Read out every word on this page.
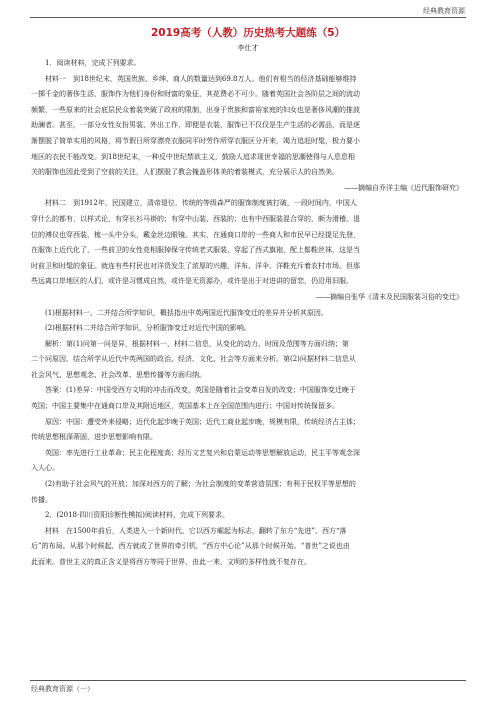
经典教育资源
2019高考（人教）历史热考大题练（5）
李仕才

1．阅读材料，完成下列要求。

材料一　到18世纪末，英国贵族、乡绅、商人的数量达到69.8万人。他们有相当的经济基础能够维持

一掷千金的奢侈生活，服饰作为他们身份和财富的象征，其花费必不可少。随着英国社会各阶层之间的流动

频繁，一些原来的社会底层民众着装突破了政府的限制，出身于贵族和富裕家庭的妇女也是奢侈风潮的推波

助澜者。甚至，一部分女性女扮男装，外出工作，即便是衣装，服饰已不仅仅是生产生活的必需品，而是逐

渐摆脱了简单实用的风格，将节假日所穿漂亮衣服同平时劳作所穿衣服区分开来，竭力追赶时髦，极力要小

地区的衣民不能改变。到18世纪末，一种反中世纪禁欲主义，鼓励人追求现世幸福的思潮使得与人息息相

关的服饰也因此受到了空前的关注，人们摆脱了教会掩盖形体美的着装模式，充分展示人的自然美。

——摘编自乔洋主编《近代服饰研究》

材料二　到1912年，民国建立，清帝退位，传统的等级森严的服饰制度被打破，一段时间内，中国人

穿什么的都有，以样式论，有穿长衫马褂的；有穿中山装、西装的；也有中西服装混合穿的，颇为滑稽。退

位的溥仪也穿西装，梳一头中分头，戴金丝边眼镜。其实，在通商口岸的一些商人和市民早已经提足先登，

在服饰上近代化了，一些前卫的女性竞相服掉保守传统老式服装，穿起了西式旗袍，配上鬃鞋丝袜，这是当

时前卫和时髦的象征。就连有些村民也对洋货发生了浓厚的兴趣，洋布、洋伞、洋鞋充斥着农村市场。但那

些远离口岸地区的人们，或许是习惯成自然，或许是无资源办，或许是出于对进讲的留恋，仍沿用旧服。

——摘编自张华《清末及民国服装习俗的变迁》

(1)根据材料一、二并结合所学知识，概括指出中英两国近代服饰变迁的差异并分析其原因。

(2)根据材料二并结合所学知识，分析服饰变迁对近代中国的影响。

解析：第(1)问第一问是异，根据材料一、材料二信息，从变化的动力、时间及范围等方面归纳；第

二个问原因，结合所学从近代中英两国的政治、经济、文化、社会等方面来分析。第(2)问据材料二信息从

社会风气、思想观念、社会改革、思想传播等方面归纳。

答案：(1)差异：中国受西方文明的冲击而改变，英国是随着社会变革自发的改变；中国服饰变迁晚于

英国；中国主要集中在通商口岸及其附近地区，英国基本上在全国范围内进行；中国对传统保留多。

原因：中国：遭受外来侵略；近代化起步晚于英国；近代工商业起步晚，规模有限，传统经济占主体；

传统思想根深蒂固，进步思想影响有限。

英国：率先进行工业革命；民主化程度高；经历文艺复兴和启蒙运动等思想解放运动，民主平等观念深

入人心。

(2)有助于社会风气的开放；加深对西方的了解；为社会制度的变革营造氛围；有利于民权平等思想的

传播。

2．(2018·四川资阳诊断性模拟)阅读材料，完成下列要求。

材料　在1500年前后，人类进入一个新时代，它以西方崛起为标志，翻转了东方“先进”、西方“落

后”的布局。从那个时候起，西方就成了世界的牵引机，“西方中心论”从那个时候开始。“普世”之说也由

此而来。普世主义的真正含义是将西方等同于世界，由此一来，文明的多样性就不复存在。

经典教育资源（一）
